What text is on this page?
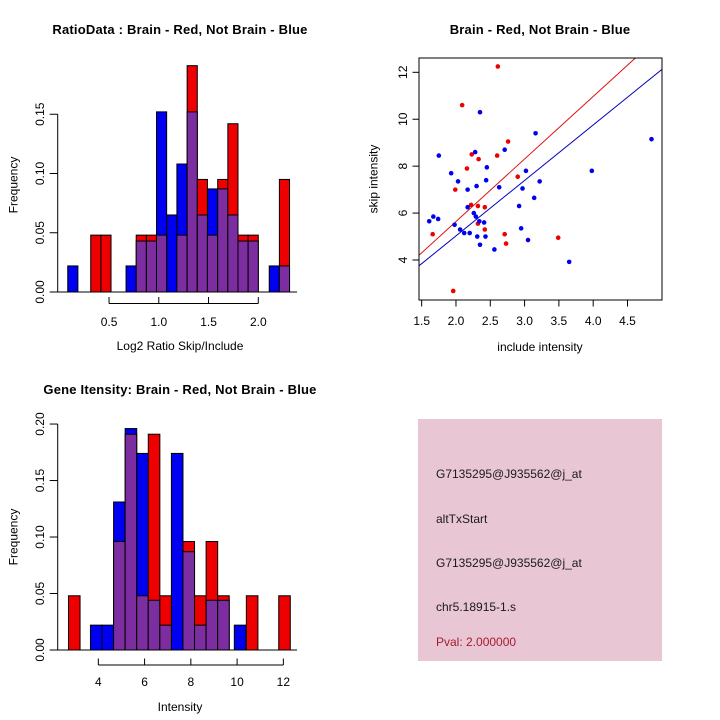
0.00
0.05
0.10
0.15
0.5	1.0	1.5	2.0	1.5 2.0 2.5 3.0 3.5 4.0 4.5
4
6
8
10
12
0.00
0.05
0.10
0.15
0.20
4	6	8	10	12
RatioData : Brain - Red, Not Brain - Blue	Brain - Red, Not Brain - Blue
Gene Itensity: Brain - Red, Not Brain - Blue
Frequency
Log2 Ratio Skip/Include
skip intensity
include intensity
Frequency
Intensity
G7135295@J935562@j_at
altTxStart
G7135295@J935562@j_at
chr5.18915-1.s
Pval: 2.000000
